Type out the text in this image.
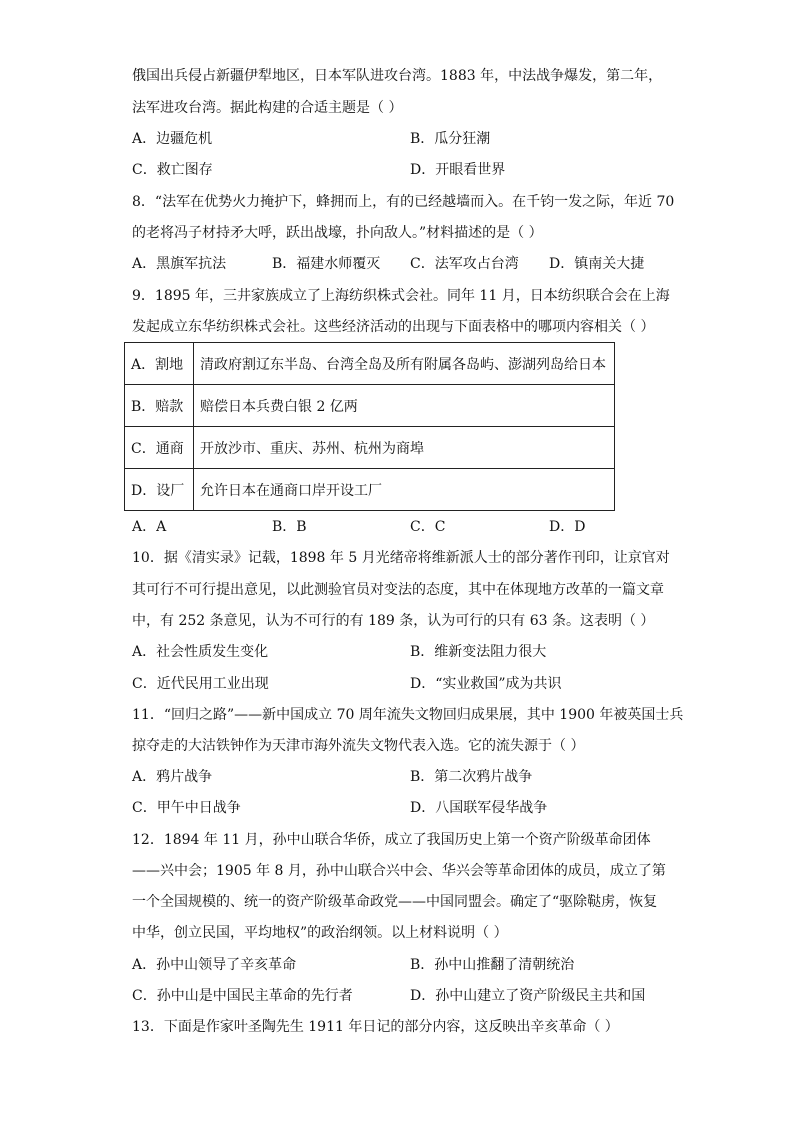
俄国出兵侵占新疆伊犁地区，日本军队进攻台湾。1883 年，中法战争爆发，第二年，
法军进攻台湾。据此构建的合适主题是（ ）
A．边疆危机	B．瓜分狂潮
C．救亡图存	D．开眼看世界
8．“法军在优势火力掩护下，蜂拥而上，有的已经越墙而入。在千钧一发之际，年近 70
的老将冯子材持矛大呼，跃出战壕，扑向敌人。”材料描述的是（ ）
A．黑旗军抗法	B．福建水师覆灭 C．法军攻占台湾 D．镇南关大捷
9．1895 年，三井家族成立了上海纺织株式会社。同年 11 月，日本纺织联合会在上海
发起成立东华纺织株式会社。这些经济活动的出现与下面表格中的哪项内容相关（ ）
A．割地	清政府割辽东半岛、台湾全岛及所有附属各岛屿、澎湖列岛给日本
B．赔款	赔偿日本兵费白银 2 亿两
C．通商	开放沙市、重庆、苏州、杭州为商埠
D．设厂	允许日本在通商口岸开设工厂
A．A	B．B	C．C	D．D
10．据《清实录》记载，1898 年 5 月光绪帝将维新派人士的部分著作刊印，让京官对
其可行不可行提出意见，以此测验官员对变法的态度，其中在体现地方改革的一篇文章
中，有 252 条意见，认为不可行的有 189 条，认为可行的只有 63 条。这表明（ ）
A．社会性质发生变化	B．维新变法阻力很大
C．近代民用工业出现	D．“实业救国”成为共识
11．“回归之路”——新中国成立 70 周年流失文物回归成果展，其中 1900 年被英国士兵
掠夺走的大沽铁钟作为天津市海外流失文物代表入选。它的流失源于（ ）
A．鸦片战争	B．第二次鸦片战争
C．甲午中日战争	D．八国联军侵华战争
12．1894 年 11 月，孙中山联合华侨，成立了我国历史上第一个资产阶级革命团体
——兴中会；1905 年 8 月，孙中山联合兴中会、华兴会等革命团体的成员，成立了第
一个全国规模的、统一的资产阶级革命政党——中国同盟会。确定了“驱除鞑虏，恢复
中华，创立民国，平均地权”的政治纲领。以上材料说明（ ）
A．孙中山领导了辛亥革命	B．孙中山推翻了清朝统治
C．孙中山是中国民主革命的先行者	D．孙中山建立了资产阶级民主共和国
13．下面是作家叶圣陶先生 1911 年日记的部分内容，这反映出辛亥革命（ ）
